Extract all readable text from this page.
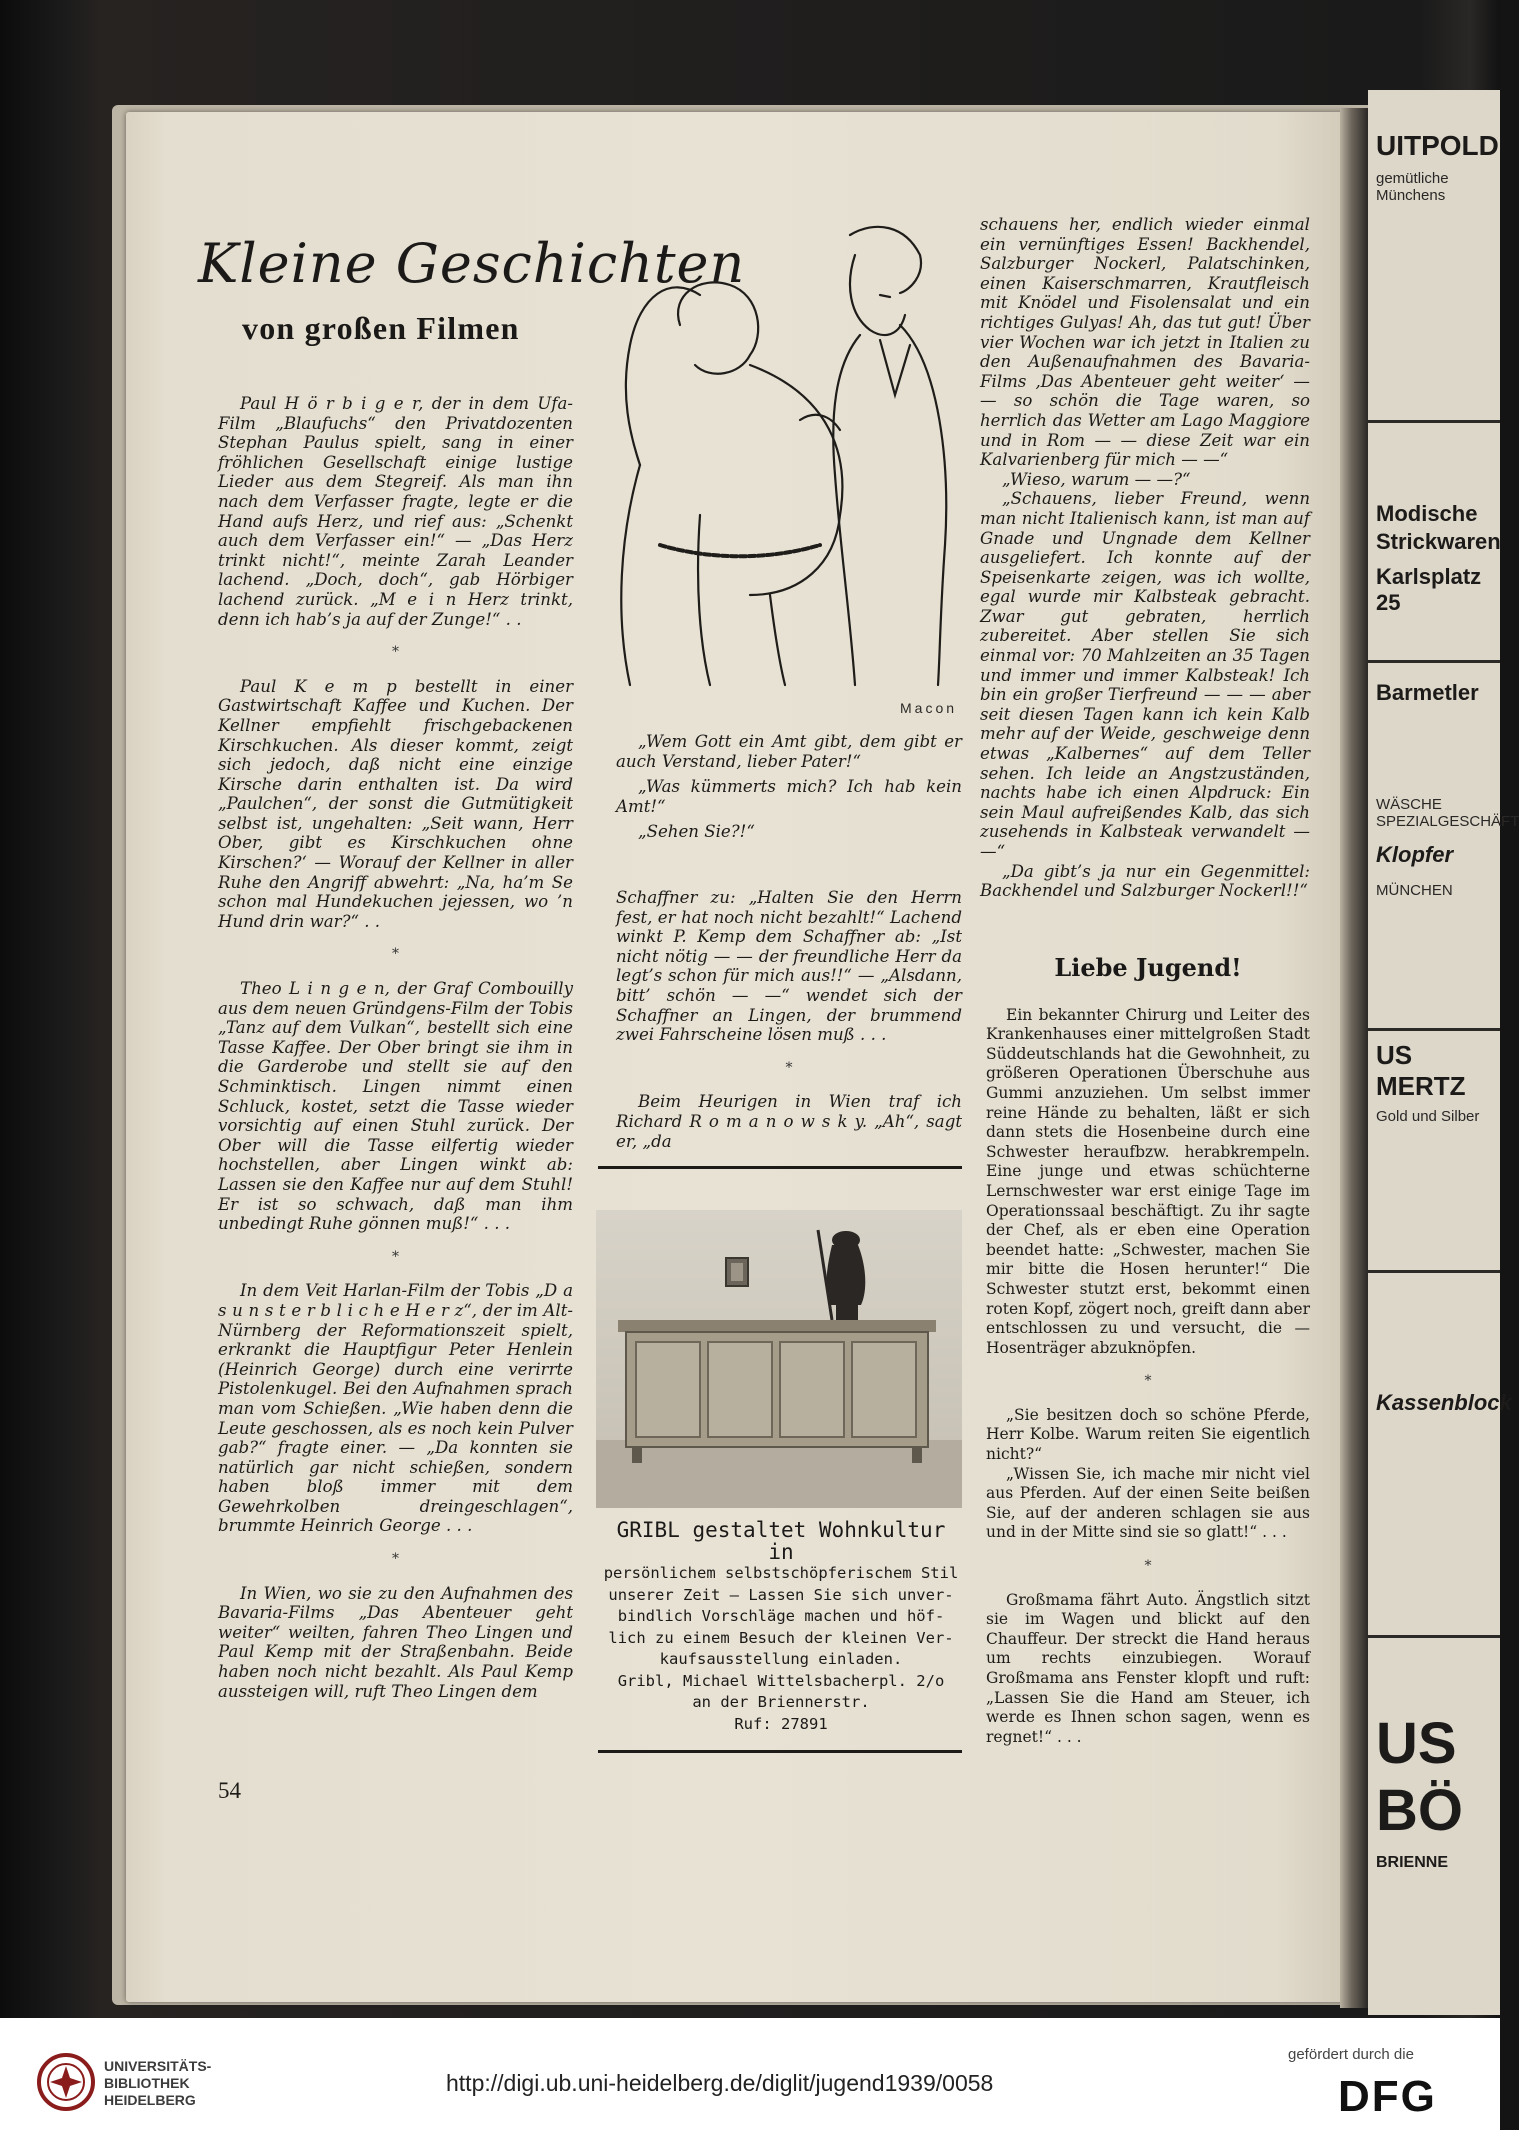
UITPOLD
gemütliche Münchens
Modische Strickwaren
Karlsplatz 25
Barmetler
WÄSCHE SPEZIALGESCHÄFT
Klopfer
MÜNCHEN
US MERTZ
Gold und Silber
Kassenblock
US BÖ
BRIENNE
Kleine Geschichten
von großen Filmen

Paul H ö r b i g e r, der in dem Ufa-Film „Blaufuchs“ den Privatdozenten Stephan Paulus spielt, sang in einer fröhlichen Gesellschaft einige lustige Lieder aus dem Stegreif. Als man ihn nach dem Verfasser fragte, legte er die Hand aufs Herz, und rief aus: „Schenkt auch dem Verfasser ein!“ — „Das Herz trinkt nicht!“, meinte Zarah Leander lachend. „Doch, doch“, gab Hörbiger lachend zurück. „M e i n Herz trinkt, denn ich hab’s ja auf der Zunge!“ . .

*

Paul K e m p bestellt in einer Gastwirtschaft Kaffee und Kuchen. Der Kellner empfiehlt frischgebackenen Kirschkuchen. Als dieser kommt, zeigt sich jedoch, daß nicht eine einzige Kirsche darin enthalten ist. Da wird „Paulchen“, der sonst die Gutmütigkeit selbst ist, ungehalten: „Seit wann, Herr Ober, gibt es Kirschkuchen ohne Kirschen?‘ — Worauf der Kellner in aller Ruhe den Angriff abwehrt: „Na, ha’m Se schon mal Hundekuchen jejessen, wo ’n Hund drin war?“ . .

*

Theo L i n g e n, der Graf Combouilly aus dem neuen Gründgens-Film der Tobis „Tanz auf dem Vulkan“, bestellt sich eine Tasse Kaffee. Der Ober bringt sie ihm in die Garderobe und stellt sie auf den Schminktisch. Lingen nimmt einen Schluck, kostet, setzt die Tasse wieder vorsichtig auf einen Stuhl zurück. Der Ober will die Tasse eilfertig wieder hochstellen, aber Lingen winkt ab: Lassen sie den Kaffee nur auf dem Stuhl! Er ist so schwach, daß man ihm unbedingt Ruhe gönnen muß!“ . . .

*

In dem Veit Harlan-Film der Tobis „D a s u n s t e r b l i c h e H e r z“, der im Alt-Nürnberg der Reformationszeit spielt, erkrankt die Hauptfigur Peter Henlein (Heinrich George) durch eine verirrte Pistolenkugel. Bei den Aufnahmen sprach man vom Schießen. „Wie haben denn die Leute geschossen, als es noch kein Pulver gab?“ fragte einer. — „Da konnten sie natürlich gar nicht schießen, sondern haben bloß immer mit dem Gewehrkolben dreingeschlagen“, brummte Heinrich George . . .

*

In Wien, wo sie zu den Aufnahmen des Bavaria-Films „Das Abenteuer geht weiter“ weilten, fahren Theo Lingen und Paul Kemp mit der Straßenbahn. Beide haben noch nicht bezahlt. Als Paul Kemp aussteigen will, ruft Theo Lingen dem

Macon

„Wem Gott ein Amt gibt, dem gibt er auch Verstand, lieber Pater!“

„Was kümmerts mich? Ich hab kein Amt!“

„Sehen Sie?!“

Schaffner zu: „Halten Sie den Herrn fest, er hat noch nicht bezahlt!“ Lachend winkt P. Kemp dem Schaffner ab: „Ist nicht nötig — — der freundliche Herr da legt’s schon für mich aus!!“ — „Alsdann, bitt’ schön — —“ wendet sich der Schaffner an Lingen, der brummend zwei Fahrscheine lösen muß . . .

*

Beim Heurigen in Wien traf ich Richard R o m a n o w s k y. „Ah“, sagt er, „da

GRIBL gestaltet Wohnkultur in
persönlichem selbstschöpferischem Stil
unserer Zeit – Lassen Sie sich unver-
bindlich Vorschläge machen und höf-
lich zu einem Besuch der kleinen Ver-
kaufsausstellung einladen.
Gribl, Michael Wittelsbacherpl. 2/o
an der Briennerstr.
Ruf: 27891

schauens her, endlich wieder einmal ein vernünftiges Essen! Backhendel, Salzburger Nockerl, Palatschinken, einen Kaiserschmarren, Krautfleisch mit Knödel und Fisolensalat und ein richtiges Gulyas! Ah, das tut gut! Über vier Wochen war ich jetzt in Italien zu den Außenaufnahmen des Bavaria-Films ‚Das Abenteuer geht weiter‘ — — so schön die Tage waren, so herrlich das Wetter am Lago Maggiore und in Rom — — diese Zeit war ein Kalvarienberg für mich — —“

„Wieso, warum — —?“

„Schauens, lieber Freund, wenn man nicht Italienisch kann, ist man auf Gnade und Ungnade dem Kellner ausgeliefert. Ich konnte auf der Speisenkarte zeigen, was ich wollte, egal wurde mir Kalbsteak gebracht. Zwar gut gebraten, herrlich zubereitet. Aber stellen Sie sich einmal vor: 70 Mahlzeiten an 35 Tagen und immer und immer Kalbsteak! Ich bin ein großer Tierfreund — — — aber seit diesen Tagen kann ich kein Kalb mehr auf der Weide, geschweige denn etwas „Kalbernes“ auf dem Teller sehen. Ich leide an Angstzuständen, nachts habe ich einen Alpdruck: Ein sein Maul aufreißendes Kalb, das sich zusehends in Kalbsteak verwandelt — —“

„Da gibt’s ja nur ein Gegenmittel: Backhendel und Salzburger Nockerl!!“

Liebe Jugend!

Ein bekannter Chirurg und Leiter des Krankenhauses einer mittelgroßen Stadt Süddeutschlands hat die Gewohnheit, zu größeren Operationen Überschuhe aus Gummi anzuziehen. Um selbst immer reine Hände zu behalten, läßt er sich dann stets die Hosenbeine durch eine Schwester heraufbzw. herabkrempeln. Eine junge und etwas schüchterne Lernschwester war erst einige Tage im Operationssaal beschäftigt. Zu ihr sagte der Chef, als er eben eine Operation beendet hatte: „Schwester, machen Sie mir bitte die Hosen herunter!“ Die Schwester stutzt erst, bekommt einen roten Kopf, zögert noch, greift dann aber entschlossen zu und versucht, die — Hosenträger abzuknöpfen.

*

„Sie besitzen doch so schöne Pferde, Herr Kolbe. Warum reiten Sie eigentlich nicht?“

„Wissen Sie, ich mache mir nicht viel aus Pferden. Auf der einen Seite beißen Sie, auf der anderen schlagen sie aus und in der Mitte sind sie so glatt!“ . . .

*

Großmama fährt Auto. Ängstlich sitzt sie im Wagen und blickt auf den Chauffeur. Der streckt die Hand heraus um rechts einzubiegen. Worauf Großmama ans Fenster klopft und ruft: „Lassen Sie die Hand am Steuer, ich werde es Ihnen schon sagen, wenn es regnet!“ . . .

54
UNIVERSITÄTS-
BIBLIOTHEK
HEIDELBERG
http://digi.ub.uni-heidelberg.de/diglit/jugend1939/0058
gefördert durch die
DFG
